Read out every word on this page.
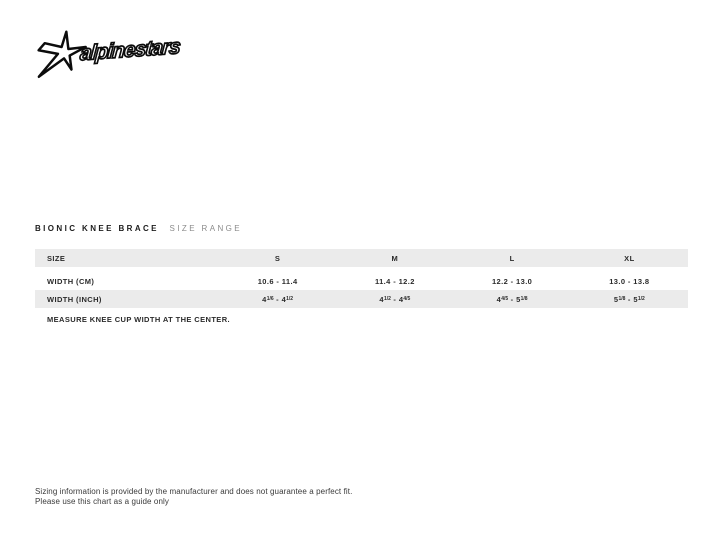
alpinestars
BIONIC KNEE BRACE SIZE RANGE
SIZE	S	M	L	XL
WIDTH (CM)	10.6 - 11.4	11.4 - 12.2	12.2 - 13.0	13.0 - 13.8
WIDTH (INCH)	$4^{1/6} - 4^{1/2}$	$4^{1/2} - 4^{4/5}$	$4^{4/5} - 5^{1/8}$	$5^{1/8} - 5^{1/2}$
MEASURE KNEE CUP WIDTH AT THE CENTER.
Sizing information is provided by the manufacturer and does not guarantee a perfect fit.
Please use this chart as a guide only
